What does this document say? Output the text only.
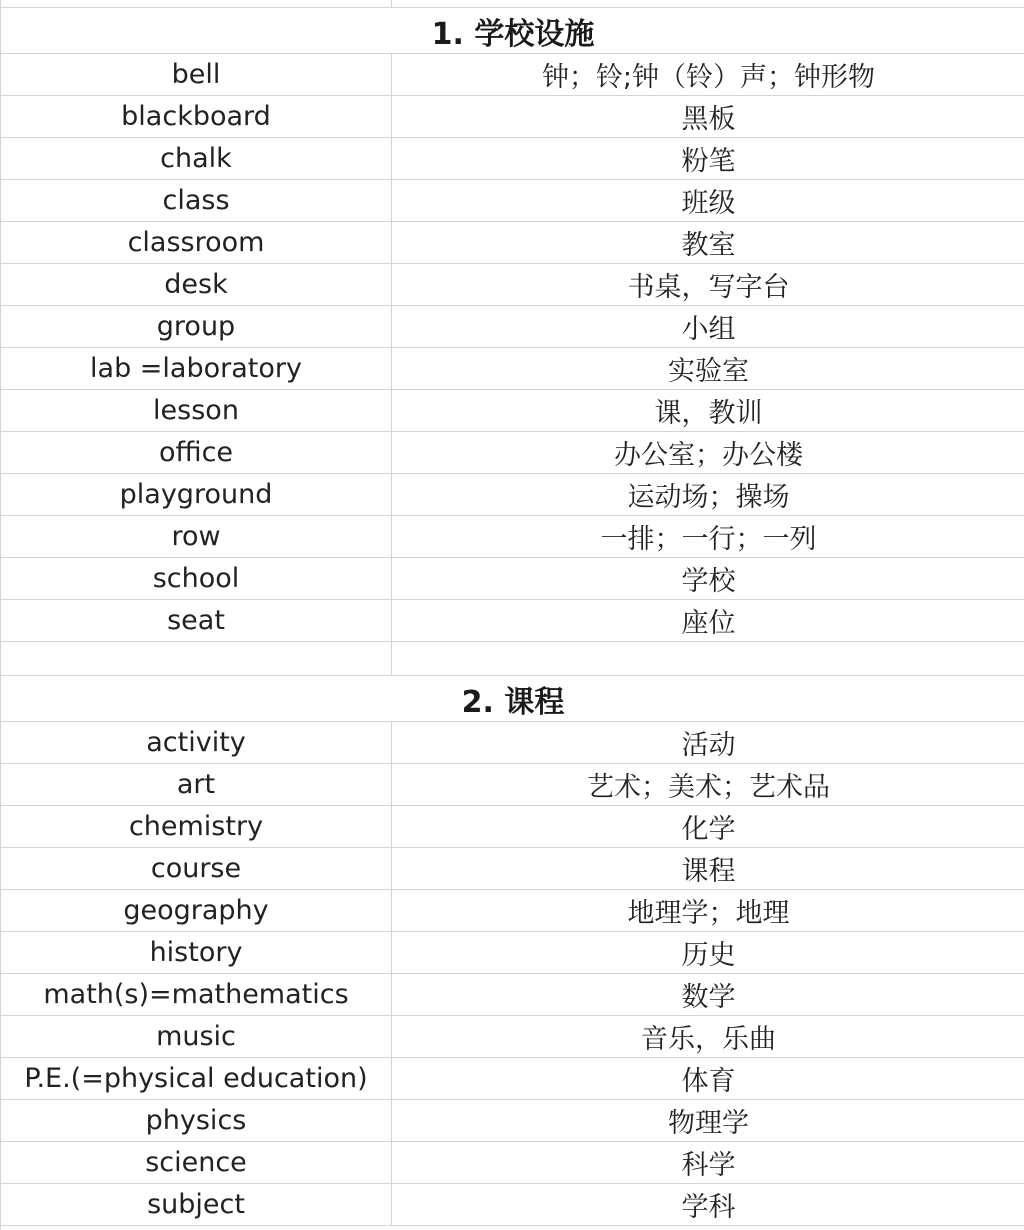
1. 学校设施
bell	钟；铃;钟（铃）声；钟形物
blackboard	黑板
chalk	粉笔
class	班级
classroom	教室
desk	书桌，写字台
group	小组
lab =laboratory	实验室
lesson	课，教训
office	办公室；办公楼
playground	运动场；操场
row	一排；一行；一列
school	学校
seat	座位
2. 课程
activity	活动
art	艺术；美术；艺术品
chemistry	化学
course	课程
geography	地理学；地理
history	历史
math(s)=mathematics	数学
music	音乐，乐曲
P.E.(=physical education)	体育
physics	物理学
science	科学
subject	学科
